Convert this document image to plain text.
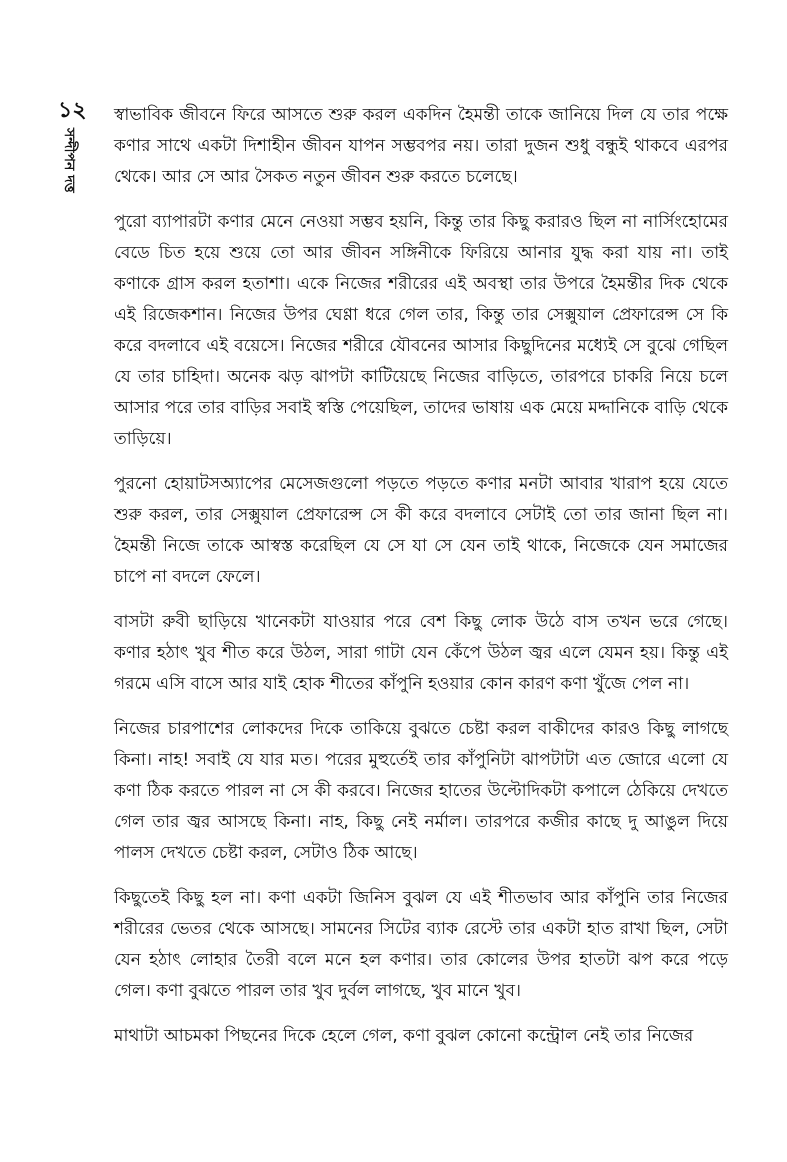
১২
সন্দীপন দত্ত

স্বাভাবিক জীবনে ফিরে আসতে শুরু করল একদিন হৈমন্তী তাকে জানিয়ে দিল যে তার পক্ষে কণার সাথে একটা দিশাহীন জীবন যাপন সম্ভবপর নয়। তারা দুজন শুধু বন্ধুই থাকবে এরপর থেকে। আর সে আর সৈকত নতুন জীবন শুরু করতে চলেছে।

পুরো ব্যাপারটা কণার মেনে নেওয়া সম্ভব হয়নি, কিন্তু তার কিছু করারও ছিল না নার্সিংহোমের বেডে চিত হয়ে শুয়ে তো আর জীবন সঙ্গিনীকে ফিরিয়ে আনার যুদ্ধ করা যায় না। তাই কণাকে গ্রাস করল হতাশা। একে নিজের শরীরের এই অবস্থা তার উপরে হৈমন্তীর দিক থেকে এই রিজেকশান। নিজের উপর ঘেণ্ণা ধরে গেল তার, কিন্তু তার সেক্সুয়াল প্রেফারেন্স সে কি করে বদলাবে এই বয়েসে। নিজের শরীরে যৌবনের আসার কিছুদিনের মধ্যেই সে বুঝে গেছিল যে তার চাহিদা। অনেক ঝড় ঝাপটা কাটিয়েছে নিজের বাড়িতে, তারপরে চাকরি নিয়ে চলে আসার পরে তার বাড়ির সবাই স্বস্তি পেয়েছিল, তাদের ভাষায় এক মেয়ে মদ্দানিকে বাড়ি থেকে তাড়িয়ে।

পুরনো হোয়াটসঅ্যাপের মেসেজগুলো পড়তে পড়তে কণার মনটা আবার খারাপ হয়ে যেতে শুরু করল, তার সেক্সুয়াল প্রেফারেন্স সে কী করে বদলাবে সেটাই তো তার জানা ছিল না। হৈমন্তী নিজে তাকে আস্বস্ত করেছিল যে সে যা সে যেন তাই থাকে, নিজেকে যেন সমাজের চাপে না বদলে ফেলে।

বাসটা রুবী ছাড়িয়ে খানেকটা যাওয়ার পরে বেশ কিছু লোক উঠে বাস তখন ভরে গেছে। কণার হঠাৎ খুব শীত করে উঠল, সারা গাটা যেন কেঁপে উঠল জ্বর এলে যেমন হয়। কিন্তু এই গরমে এসি বাসে আর যাই হোক শীতের কাঁপুনি হওয়ার কোন কারণ কণা খুঁজে পেল না।

নিজের চারপাশের লোকদের দিকে তাকিয়ে বুঝতে চেষ্টা করল বাকীদের কারও কিছু লাগছে কিনা। নাহ! সবাই যে যার মত। পরের মুহুর্তেই তার কাঁপুনিটা ঝাপটাটা এত জোরে এলো যে কণা ঠিক করতে পারল না সে কী করবে। নিজের হাতের উল্টোদিকটা কপালে ঠেকিয়ে দেখতে গেল তার জ্বর আসছে কিনা। নাহ, কিছু নেই নর্মাল। তারপরে কজীর কাছে দু আঙুল দিয়ে পালস দেখতে চেষ্টা করল, সেটাও ঠিক আছে।

কিছুতেই কিছু হল না। কণা একটা জিনিস বুঝল যে এই শীতভাব আর কাঁপুনি তার নিজের শরীরের ভেতর থেকে আসছে। সামনের সিটের ব্যাক রেস্টে তার একটা হাত রাখা ছিল, সেটা যেন হঠাৎ লোহার তৈরী বলে মনে হল কণার। তার কোলের উপর হাতটা ঝপ করে পড়ে গেল। কণা বুঝতে পারল তার খুব দুর্বল লাগছে, খুব মানে খুব।

মাথাটা আচমকা পিছনের দিকে হেলে গেল, কণা বুঝল কোনো কন্ট্রোল নেই তার নিজের
